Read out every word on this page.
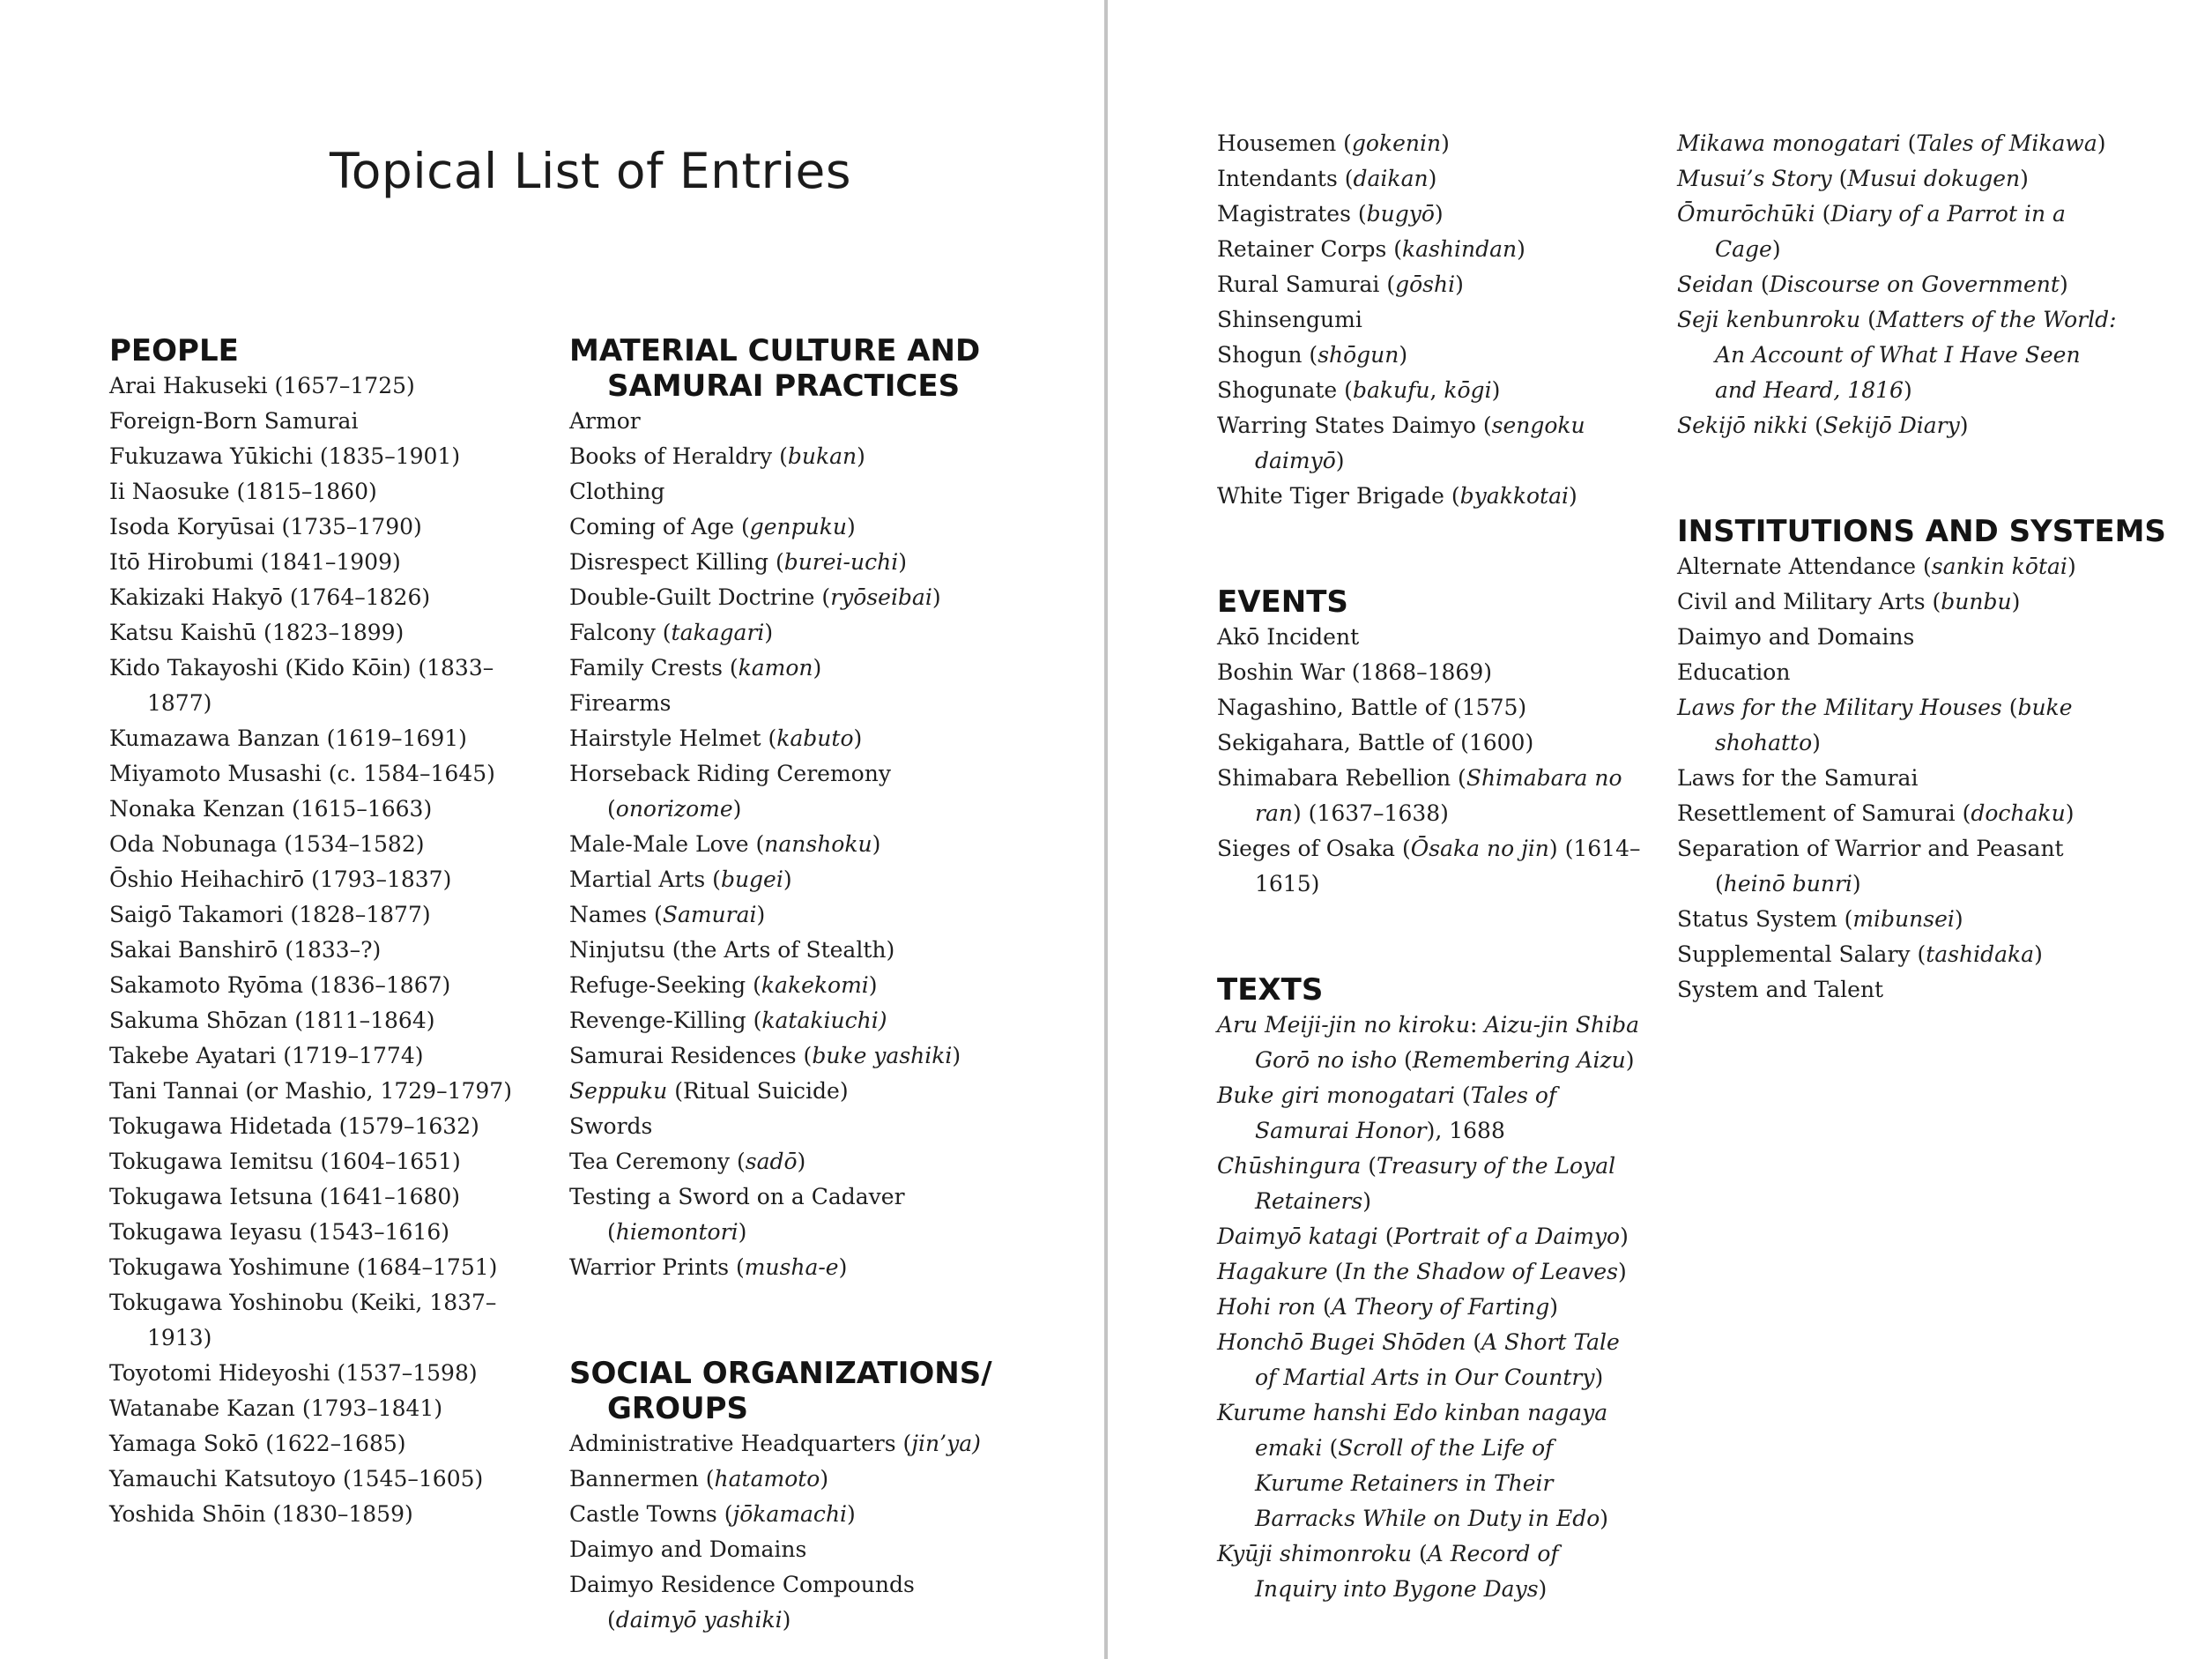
Topical List of Entries
PEOPLE
Arai Hakuseki (1657–1725)
Foreign-Born Samurai
Fukuzawa Yūkichi (1835–1901)
Ii Naosuke (1815–1860)
Isoda Koryūsai (1735–1790)
Itō Hirobumi (1841–1909)
Kakizaki Hakyō (1764–1826)
Katsu Kaishū (1823–1899)
Kido Takayoshi (Kido Kōin) (1833–1877)
Kumazawa Banzan (1619–1691)
Miyamoto Musashi (c. 1584–1645)
Nonaka Kenzan (1615–1663)
Oda Nobunaga (1534–1582)
Ōshio Heihachirō (1793–1837)
Saigō Takamori (1828–1877)
Sakai Banshirō (1833–?)
Sakamoto Ryōma (1836–1867)
Sakuma Shōzan (1811–1864)
Takebe Ayatari (1719–1774)
Tani Tannai (or Mashio, 1729–1797)
Tokugawa Hidetada (1579–1632)
Tokugawa Iemitsu (1604–1651)
Tokugawa Ietsuna (1641–1680)
Tokugawa Ieyasu (1543–1616)
Tokugawa Yoshimune (1684–1751)
Tokugawa Yoshinobu (Keiki, 1837–1913)
Toyotomi Hideyoshi (1537–1598)
Watanabe Kazan (1793–1841)
Yamaga Sokō (1622–1685)
Yamauchi Katsutoyo (1545–1605)
Yoshida Shōin (1830–1859)
MATERIAL CULTURE AND
SAMURAI PRACTICES
Armor
Books of Heraldry (bukan)
Clothing
Coming of Age (genpuku)
Disrespect Killing (burei-uchi)
Double-Guilt Doctrine (ryōseibai)
Falcony (takagari)
Family Crests (kamon)
Firearms
Hairstyle Helmet (kabuto)
Horseback Riding Ceremony (onorizome)
Male-Male Love (nanshoku)
Martial Arts (bugei)
Names (Samurai)
Ninjutsu (the Arts of Stealth)
Refuge-Seeking (kakekomi)
Revenge-Killing (katakiuchi)
Samurai Residences (buke yashiki)
Seppuku (Ritual Suicide)
Swords
Tea Ceremony (sadō)
Testing a Sword on a Cadaver (hiemontori)
Warrior Prints (musha-e)
SOCIAL ORGANIZATIONS/
GROUPS
Administrative Headquarters (jin’ya)
Bannermen (hatamoto)
Castle Towns (jōkamachi)
Daimyo and Domains
Daimyo Residence Compounds (daimyō yashiki)
Housemen (gokenin)
Intendants (daikan)
Magistrates (bugyō)
Retainer Corps (kashindan)
Rural Samurai (gōshi)
Shinsengumi
Shogun (shōgun)
Shogunate (bakufu, kōgi)
Warring States Daimyo (sengoku daimyō)
White Tiger Brigade (byakkotai)
EVENTS
Akō Incident
Boshin War (1868–1869)
Nagashino, Battle of (1575)
Sekigahara, Battle of (1600)
Shimabara Rebellion (Shimabara no ran) (1637–1638)
Sieges of Osaka (Ōsaka no jin) (1614–1615)
TEXTS
Aru Meiji-jin no kiroku: Aizu-jin Shiba Gorō no isho (Remembering Aizu)
Buke giri monogatari (Tales of Samurai Honor), 1688
Chūshingura (Treasury of the Loyal Retainers)
Daimyō katagi (Portrait of a Daimyo)
Hagakure (In the Shadow of Leaves)
Hohi ron (A Theory of Farting)
Honchō Bugei Shōden (A Short Tale of Martial Arts in Our Country)
Kurume hanshi Edo kinban nagaya emaki (Scroll of the Life of Kurume Retainers in Their Barracks While on Duty in Edo)
Kyūji shimonroku (A Record of Inquiry into Bygone Days)
Mikawa monogatari (Tales of Mikawa)
Musui’s Story (Musui dokugen)
Ōmurōchūki (Diary of a Parrot in a Cage)
Seidan (Discourse on Government)
Seji kenbunroku (Matters of the World: An Account of What I Have Seen and Heard, 1816)
Sekijō nikki (Sekijō Diary)
INSTITUTIONS AND SYSTEMS
Alternate Attendance (sankin kōtai)
Civil and Military Arts (bunbu)
Daimyo and Domains
Education
Laws for the Military Houses (buke shohatto)
Laws for the Samurai
Resettlement of Samurai (dochaku)
Separation of Warrior and Peasant (heinō bunri)
Status System (mibunsei)
Supplemental Salary (tashidaka)
System and Talent
